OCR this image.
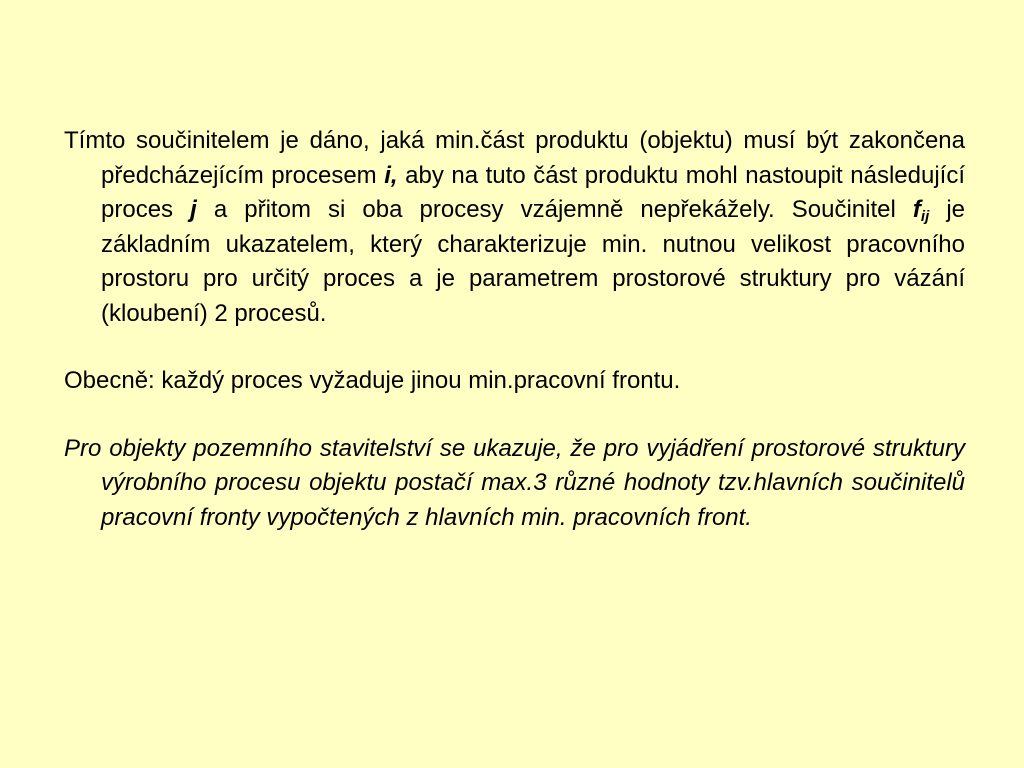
Tímto součinitelem je dáno, jaká min.část produktu (objektu) musí být zakončena předcházejícím procesem i, aby na tuto část produktu mohl nastoupit následující proces j a přitom si oba procesy vzájemně nepřekážely. Součinitel $f_{ij}$ je základním ukazatelem, který charakterizuje min. nutnou velikost pracovního prostoru pro určitý proces a je parametrem prostorové struktury pro vázání (kloubení) 2 procesů.

Obecně: každý proces vyžaduje jinou min.pracovní frontu.

Pro objekty pozemního stavitelství se ukazuje, že pro vyjádření prostorové struktury výrobního procesu objektu postačí max.3 různé hodnoty tzv.hlavních součinitelů pracovní fronty vypočtených z hlavních min. pracovních front.
